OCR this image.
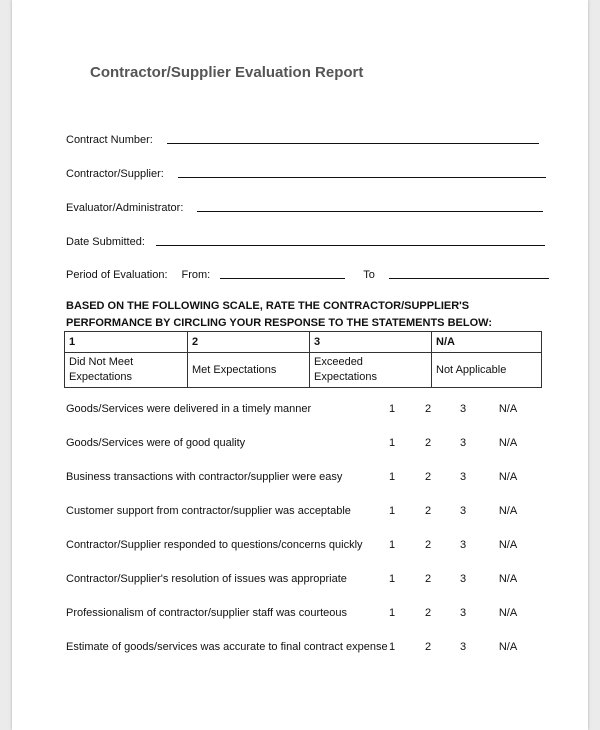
Contractor/Supplier Evaluation Report
Contract Number:
Contractor/Supplier:
Evaluator/Administrator:
Date Submitted:
Period of Evaluation: From:	To
BASED ON THE FOLLOWING SCALE, RATE THE CONTRACTOR/SUPPLIER'S PERFORMANCE BY CIRCLING YOUR RESPONSE TO THE STATEMENTS BELOW:
1	2	3	N/A
Did Not Meet Expectations	Met Expectations	Exceeded Expectations	Not Applicable
Goods/Services were delivered in a timely manner	1	2	3	N/A
Goods/Services were of good quality	1	2	3	N/A
Business transactions with contractor/supplier were easy	1	2	3	N/A
Customer support from contractor/supplier was acceptable	1	2	3	N/A
Contractor/Supplier responded to questions/concerns quickly	1	2	3	N/A
Contractor/Supplier's resolution of issues was appropriate	1	2	3	N/A
Professionalism of contractor/supplier staff was courteous	1	2	3	N/A
Estimate of goods/services was accurate to final contract expense 1	2	3	N/A
